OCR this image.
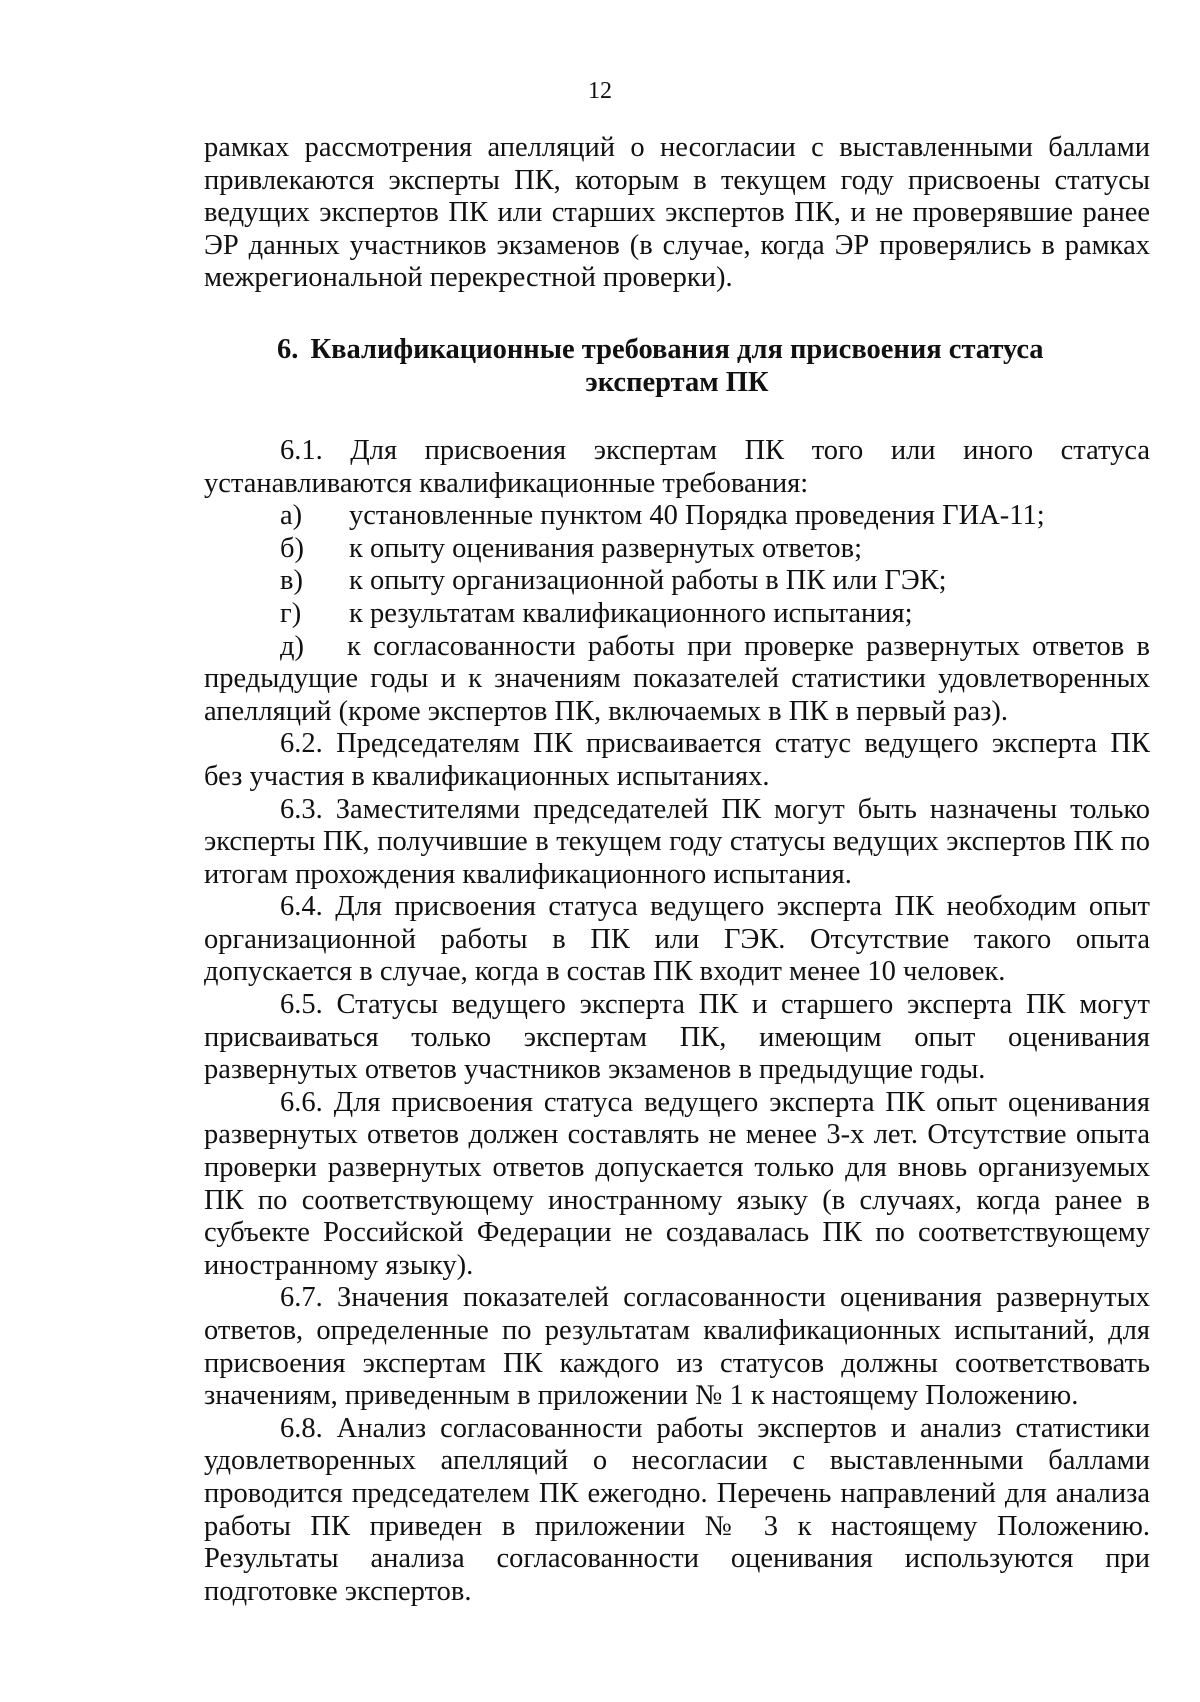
12

рамках рассмотрения апелляций о несогласии с выставленными баллами привлекаются эксперты ПК, которым в текущем году присвоены статусы ведущих экспертов ПК или старших экспертов ПК, и не проверявшие ранее ЭР данных участников экзаменов (в случае, когда ЭР проверялись в рамках межрегиональной перекрестной проверки).

6. Квалификационные требования для присвоения статуса
экспертам ПК

6.1. Для присвоения экспертам ПК того или иного статуса устанавливаются квалификационные требования:

а) установленные пунктом 40 Порядка проведения ГИА-11;
б) к опыту оценивания развернутых ответов;
в) к опыту организационной работы в ПК или ГЭК;
г) к результатам квалификационного испытания;
д) к согласованности работы при проверке развернутых ответов в предыдущие годы и к значениям показателей статистики удовлетворенных апелляций (кроме экспертов ПК, включаемых в ПК в первый раз).

6.2. Председателям ПК присваивается статус ведущего эксперта ПК без участия в квалификационных испытаниях.

6.3. Заместителями председателей ПК могут быть назначены только эксперты ПК, получившие в текущем году статусы ведущих экспертов ПК по итогам прохождения квалификационного испытания.

6.4. Для присвоения статуса ведущего эксперта ПК необходим опыт организационной работы в ПК или ГЭК. Отсутствие такого опыта допускается в случае, когда в состав ПК входит менее 10 человек.

6.5. Статусы ведущего эксперта ПК и старшего эксперта ПК могут присваиваться только экспертам ПК, имеющим опыт оценивания развернутых ответов участников экзаменов в предыдущие годы.

6.6. Для присвоения статуса ведущего эксперта ПК опыт оценивания развернутых ответов должен составлять не менее 3-х лет. Отсутствие опыта проверки развернутых ответов допускается только для вновь организуемых ПК по соответствующему иностранному языку (в случаях, когда ранее в субъекте Российской Федерации не создавалась ПК по соответствующему иностранному языку).

6.7. Значения показателей согласованности оценивания развернутых ответов, определенные по результатам квалификационных испытаний, для присвоения экспертам ПК каждого из статусов должны соответствовать значениям, приведенным в приложении № 1 к настоящему Положению.

6.8. Анализ согласованности работы экспертов и анализ статистики удовлетворенных апелляций о несогласии с выставленными баллами проводится председателем ПК ежегодно. Перечень направлений для анализа работы ПК приведен в приложении № 3 к настоящему Положению. Результаты анализа согласованности оценивания используются при подготовке экспертов.
